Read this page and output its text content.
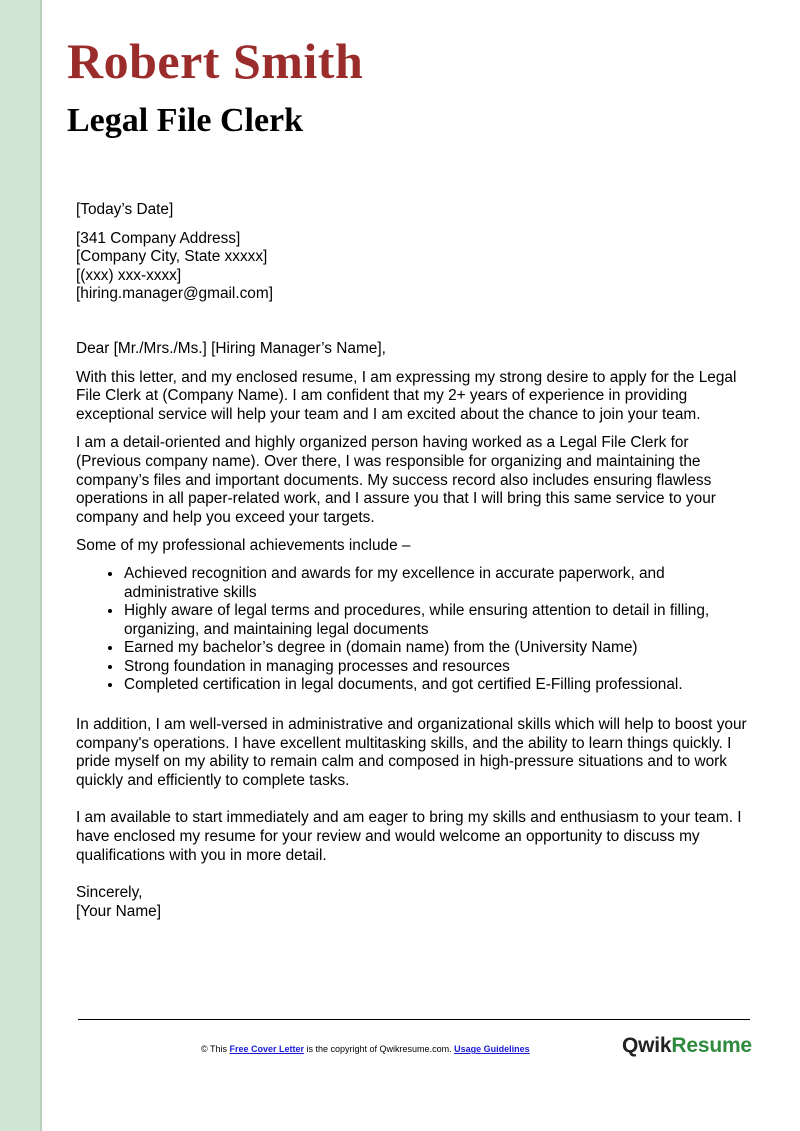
Robert Smith
Legal File Clerk

[Today’s Date]

[341 Company Address]
[Company City, State xxxxx]
[(xxx) xxx-xxxx]
[hiring.manager@gmail.com]

Dear [Mr./Mrs./Ms.] [Hiring Manager’s Name],

With this letter, and my enclosed resume, I am expressing my strong desire to apply for the Legal File Clerk at (Company Name). I am confident that my 2+ years of experience in providing exceptional service will help your team and I am excited about the chance to join your team.

I am a detail-oriented and highly organized person having worked as a Legal File Clerk for (Previous company name). Over there, I was responsible for organizing and maintaining the company’s files and important documents. My success record also includes ensuring flawless operations in all paper-related work, and I assure you that I will bring this same service to your company and help you exceed your targets.

Some of my professional achievements include –

• Achieved recognition and awards for my excellence in accurate paperwork, and administrative skills
• Highly aware of legal terms and procedures, while ensuring attention to detail in filling, organizing, and maintaining legal documents
• Earned my bachelor’s degree in (domain name) from the (University Name)
• Strong foundation in managing processes and resources
• Completed certification in legal documents, and got certified E-Filling professional.

In addition, I am well-versed in administrative and organizational skills which will help to boost your company's operations. I have excellent multitasking skills, and the ability to learn things quickly. I pride myself on my ability to remain calm and composed in high-pressure situations and to work quickly and efficiently to complete tasks.

I am available to start immediately and am eager to bring my skills and enthusiasm to your team. I have enclosed my resume for your review and would welcome an opportunity to discuss my qualifications with you in more detail.

Sincerely,

[Your Name]

© This Free Cover Letter is the copyright of Qwikresume.com. Usage Guidelines	QwikResume
